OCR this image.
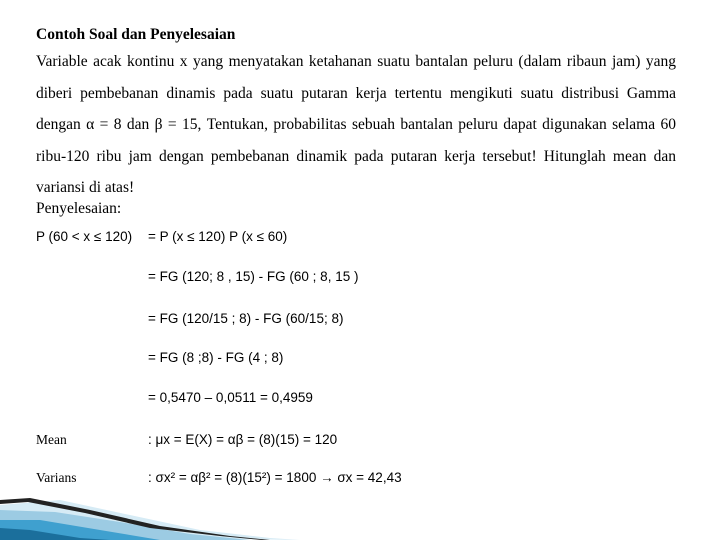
Contoh Soal dan Penyelesaian
Variable acak kontinu x yang menyatakan ketahanan suatu bantalan peluru (dalam ribaun jam) yang diberi pembebanan dinamis pada suatu putaran kerja tertentu mengikuti suatu distribusi Gamma dengan α = 8 dan β = 15, Tentukan, probabilitas sebuah bantalan peluru dapat digunakan selama 60 ribu-120 ribu jam dengan pembebanan dinamik pada putaran kerja tersebut! Hitunglah mean dan variansi di atas!
Penyelesaian:
P (60 < x ≤ 120) = P (x ≤ 120) P (x ≤ 60)
= FG (120; 8 , 15) - FG (60 ; 8, 15 )
= FG (120/15 ; 8) - FG (60/15; 8)
= FG (8 ;8) - FG (4 ; 8)
= 0,5470 – 0,0511 = 0,4959
Mean	: μx = E(X) = αβ = (8)(15) = 120
Varians	: σx² = αβ² = (8)(15²) = 1800 → σx = 42,43
